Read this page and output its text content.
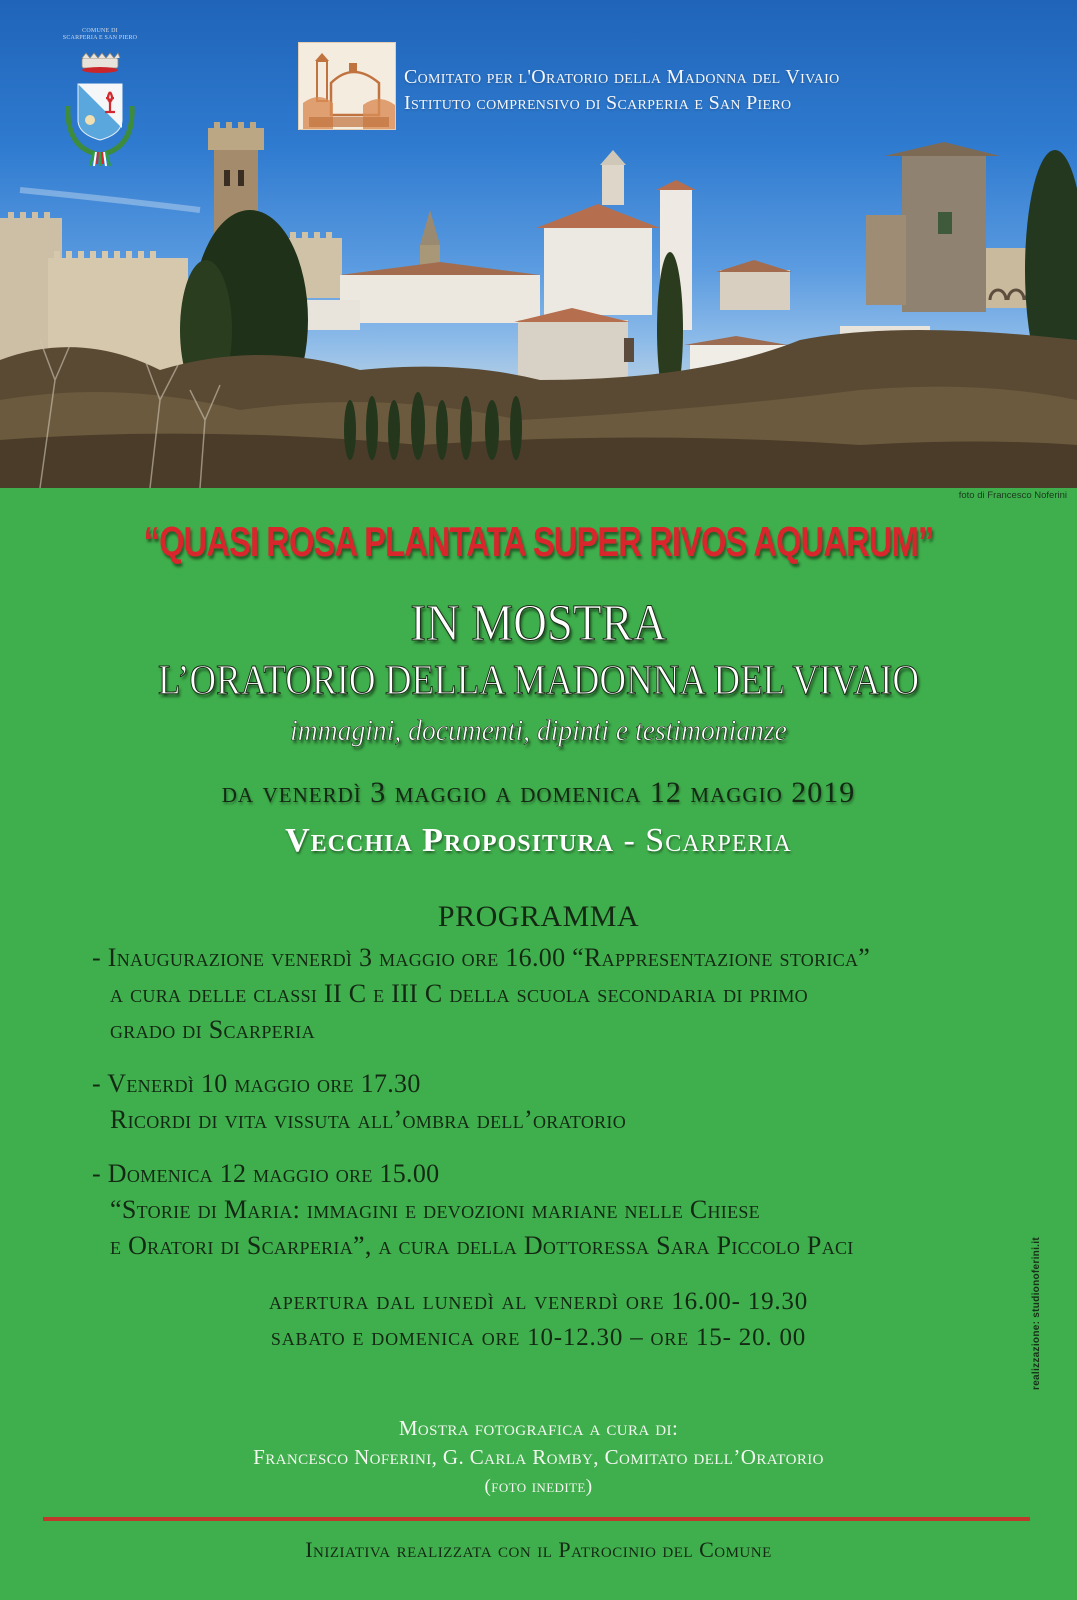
COMUNE DI
SCARPERIA E SAN PIERO
Comitato per l'Oratorio della Madonna del Vivaio
Istituto comprensivo di Scarperia e San Piero
foto di Francesco Noferini
“QUASI ROSA PLANTATA SUPER RIVOS AQUARUM”
IN MOSTRA
L’ORATORIO DELLA MADONNA DEL VIVAIO
immagini, documenti, dipinti e testimonianze
da venerdì 3 maggio a domenica 12 maggio 2019
Vecchia Propositura - Scarperia
PROGRAMMA
- Inaugurazione venerdì 3 maggio ore 16.00 “Rappresentazione storica”
a cura delle classi II C e III C della scuola secondaria di primo
grado di Scarperia
- Venerdì 10 maggio ore 17.30
Ricordi di vita vissuta all’ombra dell’oratorio
- Domenica 12 maggio ore 15.00
“Storie di Maria: immagini e devozioni mariane nelle Chiese
e Oratori di Scarperia”, a cura della Dottoressa Sara Piccolo Paci
apertura dal lunedì al venerdì ore 16.00- 19.30
sabato e domenica ore 10-12.30 – ore 15- 20. 00	realizzazione: studionoferini.it
Mostra fotografica a cura di:
Francesco Noferini, G. Carla Romby, Comitato dell’Oratorio
(foto inedite)
Iniziativa realizzata con il Patrocinio del Comune
